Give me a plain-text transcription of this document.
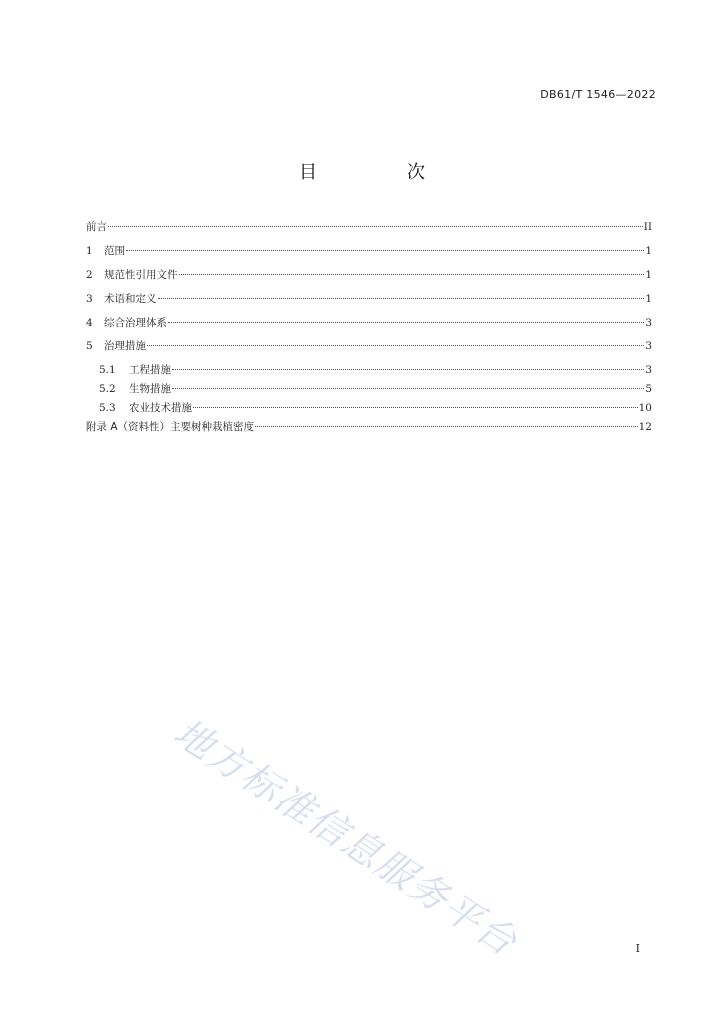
DB61/T 1546—2022
目　次
前言	II
1	范围	1
2	规范性引用文件	1
3	术语和定义	1
4	综合治理体系	3
5	治理措施	3
5.1	工程措施	3
5.2	生物措施	5
5.3	农业技术措施	10
附录 A（资料性）主要树种栽植密度	12
地方标准信息服务平台	I
